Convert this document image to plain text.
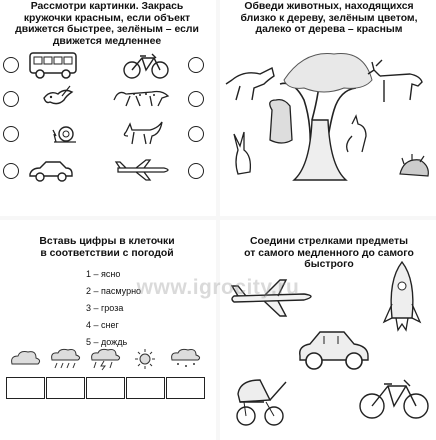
Рассмотри картинки. Закрась
кружочки красным, если объект
движется быстрее, зелёным – если
движется медленнее

Обведи животных, находящихся
близко к дереву, зелёным цветом,
далеко от дерева – красным

Вставь цифры в клеточки
в соответствии с погодой

1 – ясно
2 – пасмурно
3 – гроза
4 – снег
5 – дождь

Соедини стрелками предметы
от самого медленного до самого
быстрого

www.igrocity.ru
